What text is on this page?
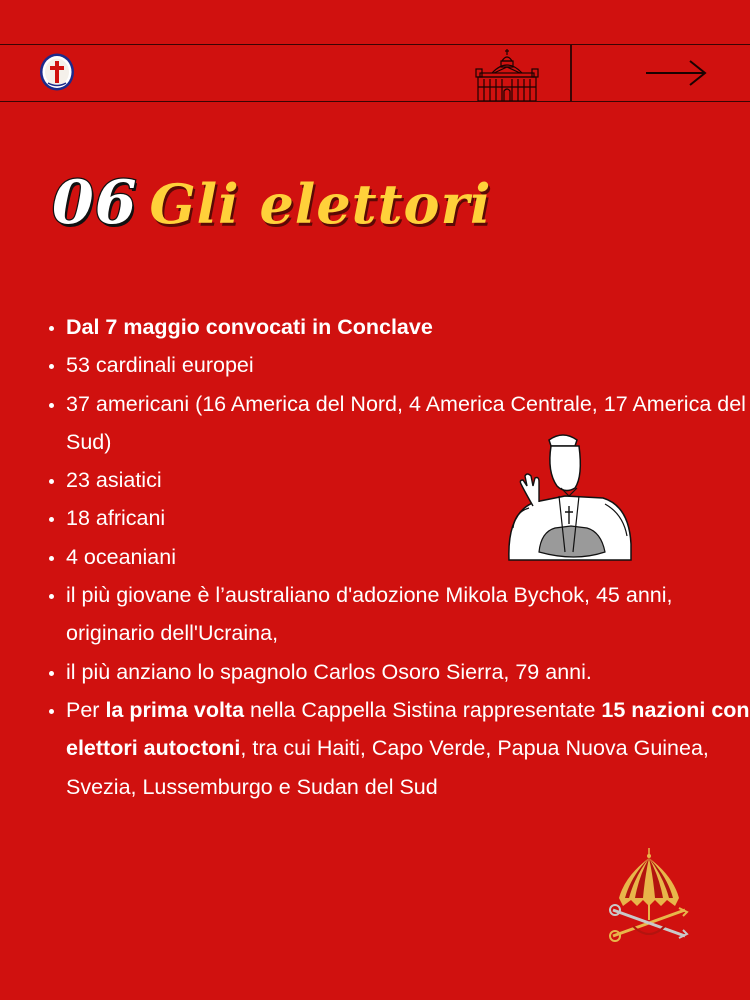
06 Gli elettori
• Dal 7 maggio convocati in Conclave
• 53 cardinali europei
• 37 americani (16 America del Nord, 4 America Centrale, 17 America del Sud)
• 23 asiatici
• 18 africani
• 4 oceaniani
• il più giovane è l’australiano d'adozione Mikola Bychok, 45 anni, originario dell'Ucraina,
• il più anziano lo spagnolo Carlos Osoro Sierra, 79 anni.
• Per la prima volta nella Cappella Sistina rappresentate 15 nazioni con elettori autoctoni, tra cui Haiti, Capo Verde, Papua Nuova Guinea, Svezia, Lussemburgo e Sudan del Sud
